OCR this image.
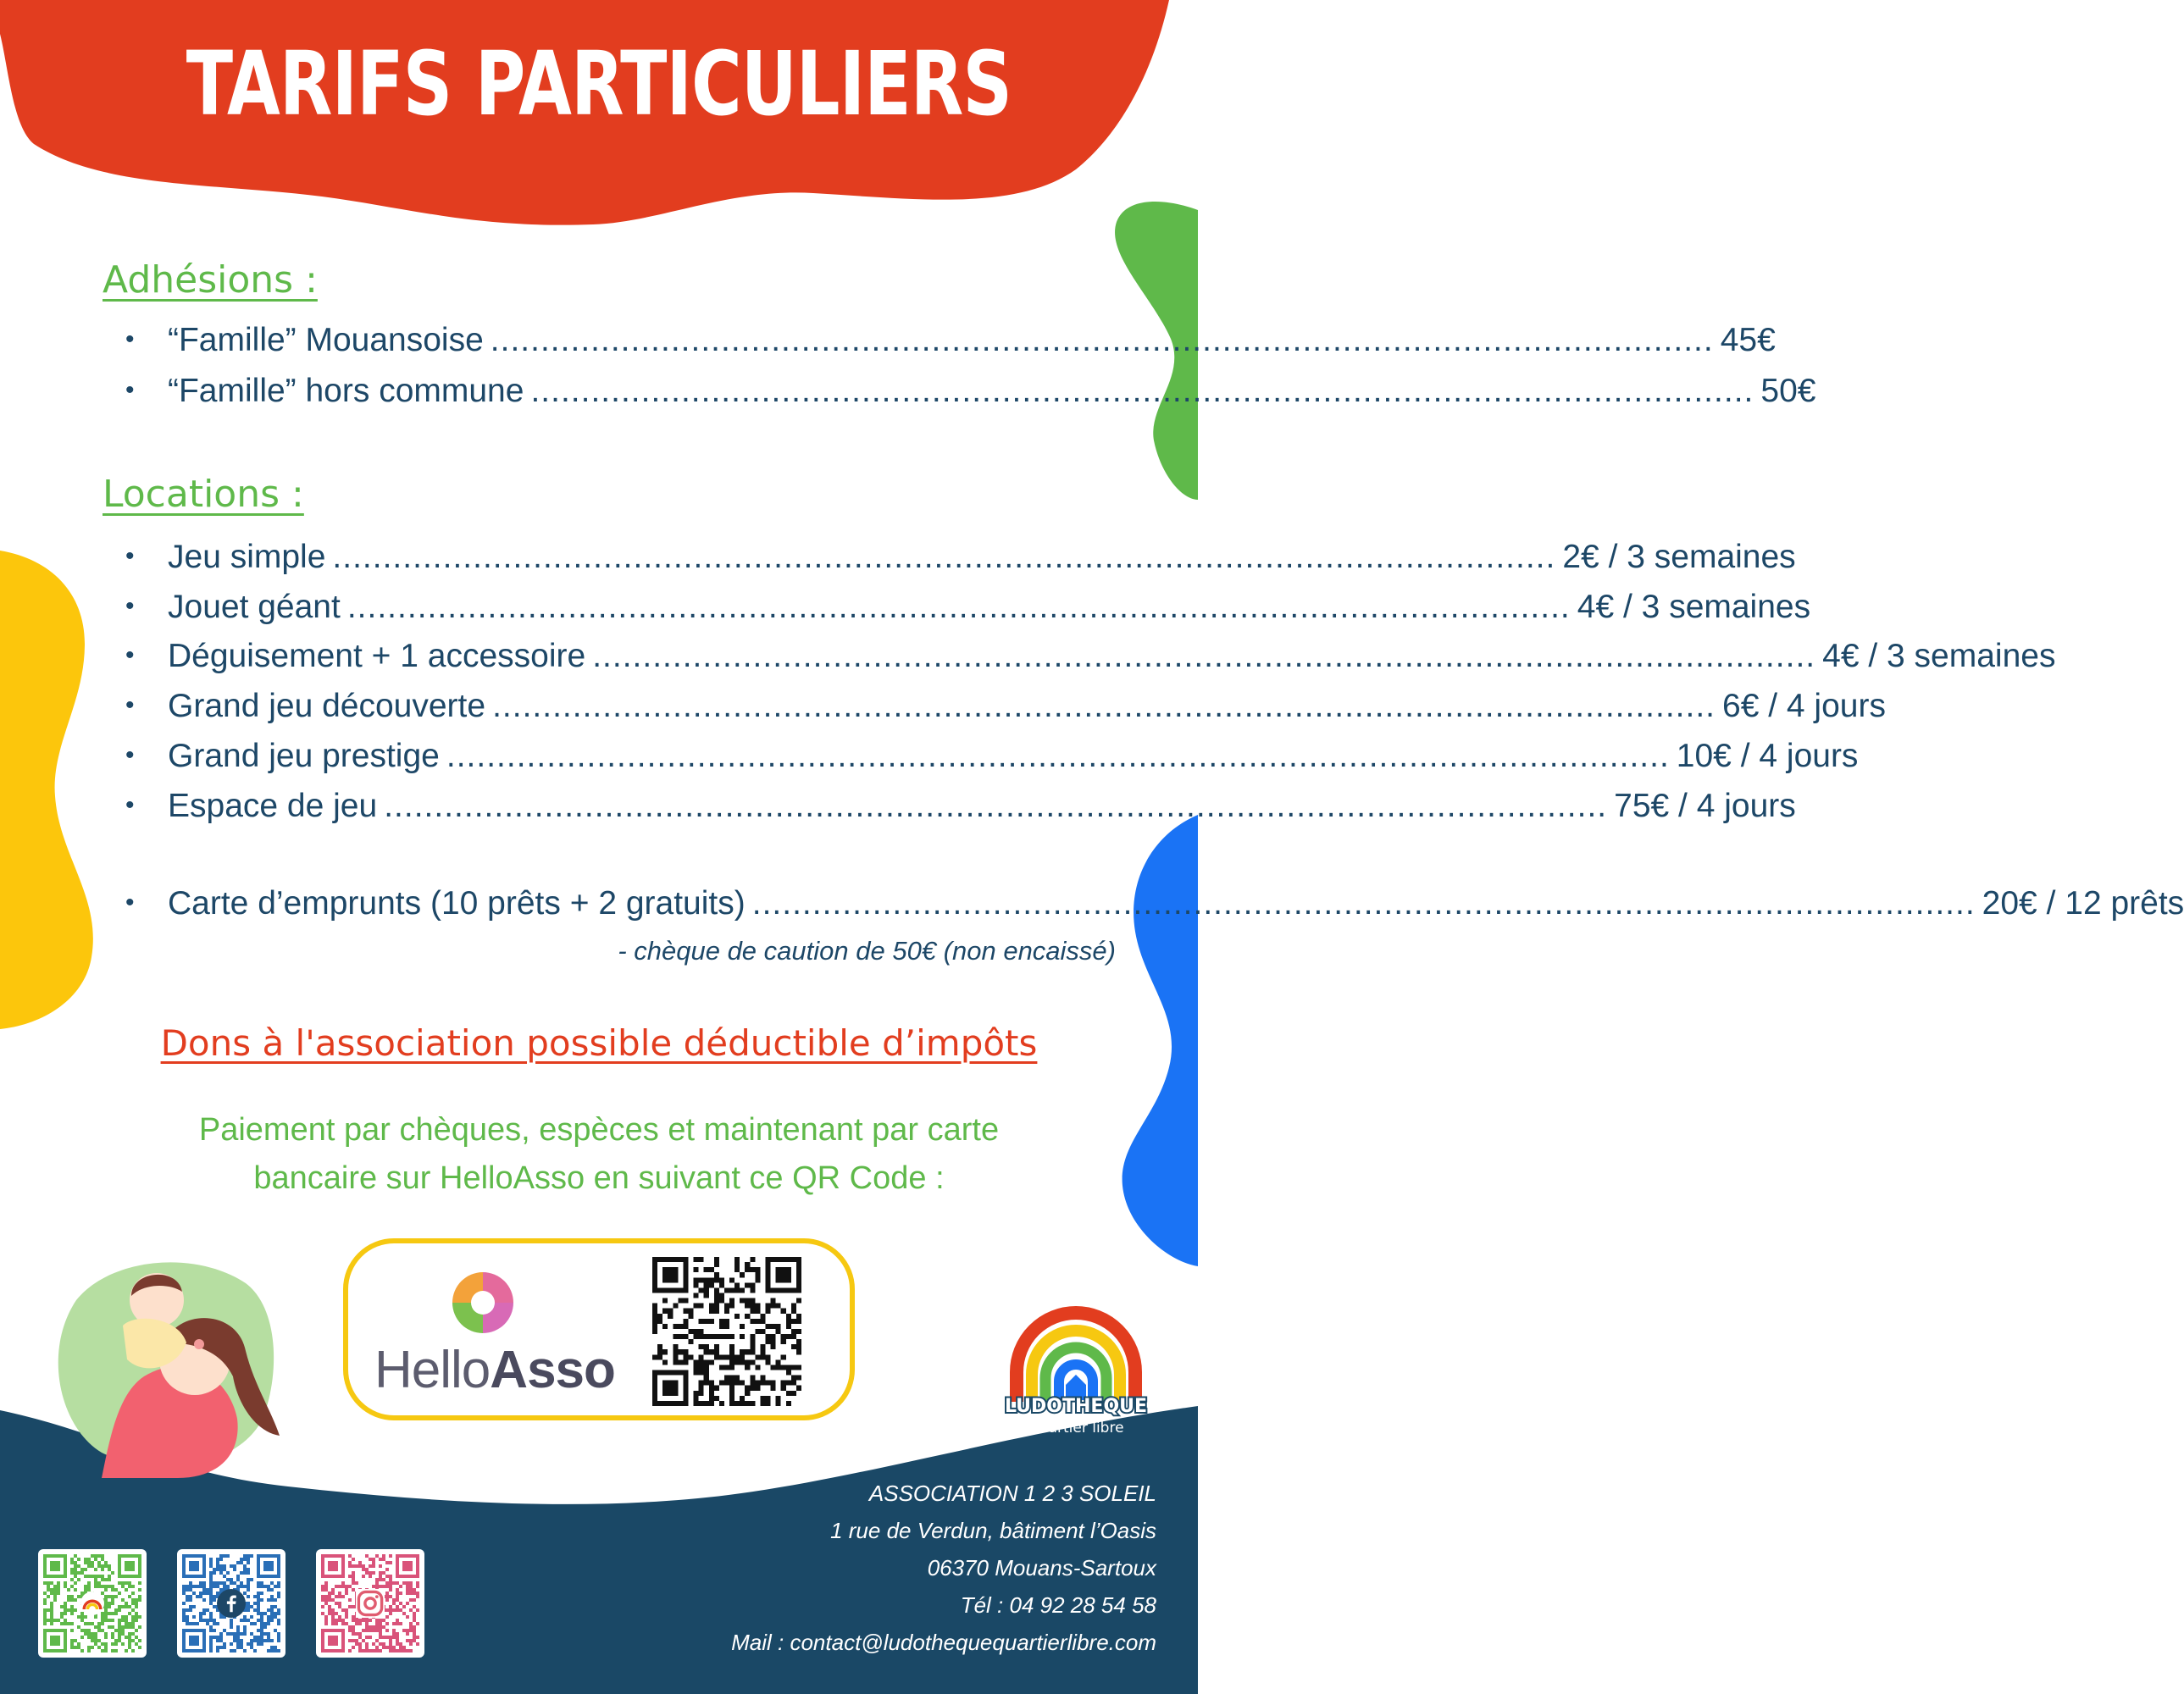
TARIFS PARTICULIERS
Adhésions :
•	“Famille” Mouansoise .......................................................................................................................... 45€
•	“Famille” hors commune .......................................................................................................................... 50€
Locations :
•	Jeu simple .......................................................................................................................... 2€ / 3 semaines
•	Jouet géant .......................................................................................................................... 4€ / 3 semaines
•	Déguisement + 1 accessoire .......................................................................................................................... 4€ / 3 semaines
•	Grand jeu découverte .......................................................................................................................... 6€ / 4 jours
•	Grand jeu prestige .......................................................................................................................... 10€ / 4 jours
•	Espace de jeu .......................................................................................................................... 75€ / 4 jours
•	Carte d’emprunts (10 prêts + 2 gratuits) .......................................................................................................................... 20€ / 12 prêts
- chèque de caution de 50€ (non encaissé)
Dons à l'association possible déductible d’impôts
Paiement par chèques, espèces et maintenant par carte
bancaire sur HelloAsso en suivant ce QR Code :
HelloAsso
LUDOTHEQUE
Quartier libre
ASSOCIATION 1 2 3 SOLEIL
1 rue de Verdun, bâtiment l’Oasis
06370 Mouans-Sartoux
Tél : 04 92 28 54 58
Mail : contact@ludothequequartierlibre.com
